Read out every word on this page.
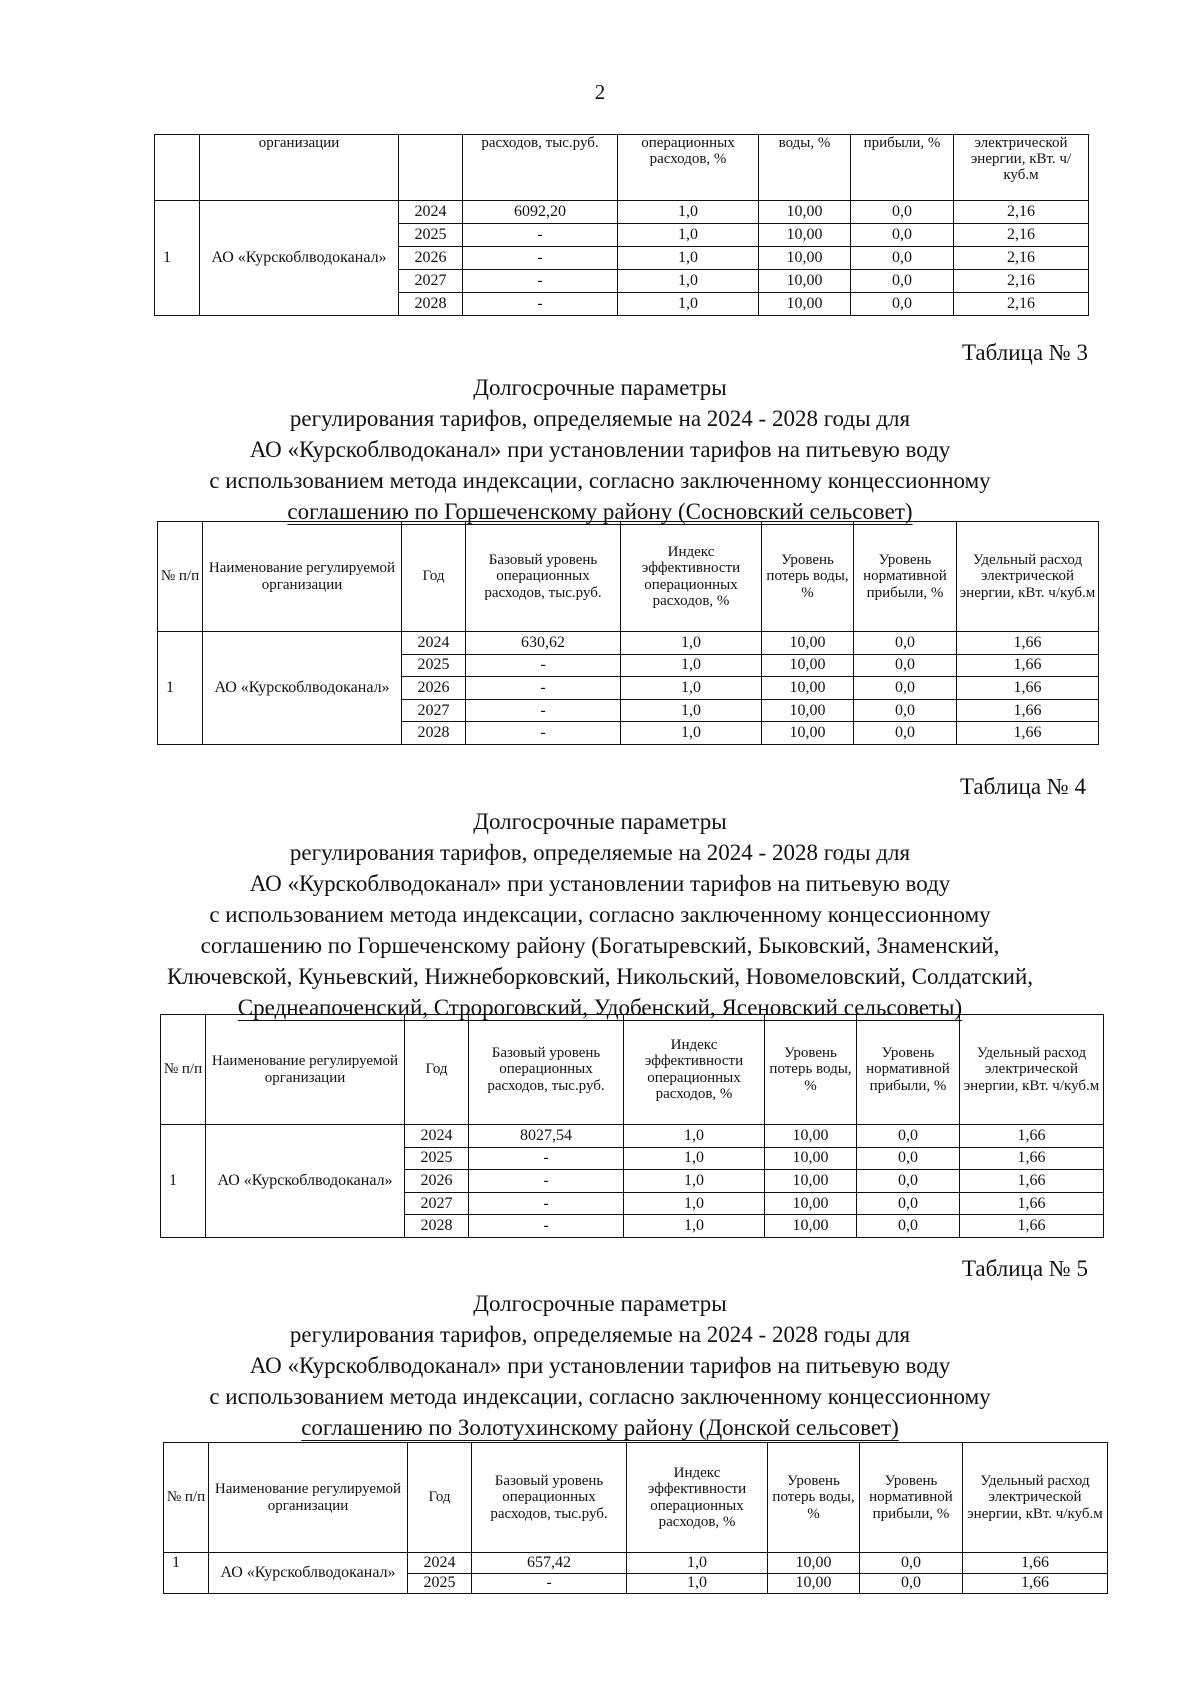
2
	организации		расходов, тыс.руб.	операционных расходов, %	воды, %	прибыли, %	электрической энергии, кВт. ч/куб.м
1	АО «Курскоблводоканал»	2024	6092,20	1,0	10,00	0,0	2,16
		2025	-	1,0	10,00	0,0	2,16
		2026	-	1,0	10,00	0,0	2,16
		2027	-	1,0	10,00	0,0	2,16
		2028	-	1,0	10,00	0,0	2,16
Таблица № 3
Долгосрочные параметры
регулирования тарифов, определяемые на 2024 - 2028 годы для
АО «Курскоблводоканал» при установлении тарифов на питьевую воду
с использованием метода индексации, согласно заключенному концессионному
соглашению по Горшеченскому району (Сосновский сельсовет)
№ п/п	Наименование регулируемой организации	Год	Базовый уровень операционных расходов, тыс.руб.	Индекс эффективности операционных расходов, %	Уровень потерь воды, %	Уровень нормативной прибыли, %	Удельный расход электрической энергии, кВт. ч/куб.м
1	АО «Курскоблводоканал»	2024	630,62	1,0	10,00	0,0	1,66
		2025	-	1,0	10,00	0,0	1,66
		2026	-	1,0	10,00	0,0	1,66
		2027	-	1,0	10,00	0,0	1,66
		2028	-	1,0	10,00	0,0	1,66
Таблица № 4
Долгосрочные параметры
регулирования тарифов, определяемые на 2024 - 2028 годы для
АО «Курскоблводоканал» при установлении тарифов на питьевую воду
с использованием метода индексации, согласно заключенному концессионному
соглашению по Горшеченскому району (Богатыревский, Быковский, Знаменский,
Ключевской, Куньевский, Нижнеборковский, Никольский, Новомеловский, Солдатский,
Среднеапоченский, Стророговский, Удобенский, Ясеновский сельсоветы)
№ п/п	Наименование регулируемой организации	Год	Базовый уровень операционных расходов, тыс.руб.	Индекс эффективности операционных расходов, %	Уровень потерь воды, %	Уровень нормативной прибыли, %	Удельный расход электрической энергии, кВт. ч/куб.м
1	АО «Курскоблводоканал»	2024	8027,54	1,0	10,00	0,0	1,66
		2025	-	1,0	10,00	0,0	1,66
		2026	-	1,0	10,00	0,0	1,66
		2027	-	1,0	10,00	0,0	1,66
		2028	-	1,0	10,00	0,0	1,66
Таблица № 5
Долгосрочные параметры
регулирования тарифов, определяемые на 2024 - 2028 годы для
АО «Курскоблводоканал» при установлении тарифов на питьевую воду
с использованием метода индексации, согласно заключенному концессионному
соглашению по Золотухинскому району (Донской сельсовет)
№ п/п	Наименование регулируемой организации	Год	Базовый уровень операционных расходов, тыс.руб.	Индекс эффективности операционных расходов, %	Уровень потерь воды, %	Уровень нормативной прибыли, %	Удельный расход электрической энергии, кВт. ч/куб.м
1	АО «Курскоблводоканал»	2024	657,42	1,0	10,00	0,0	1,66
		2025	-	1,0	10,00	0,0	1,66
